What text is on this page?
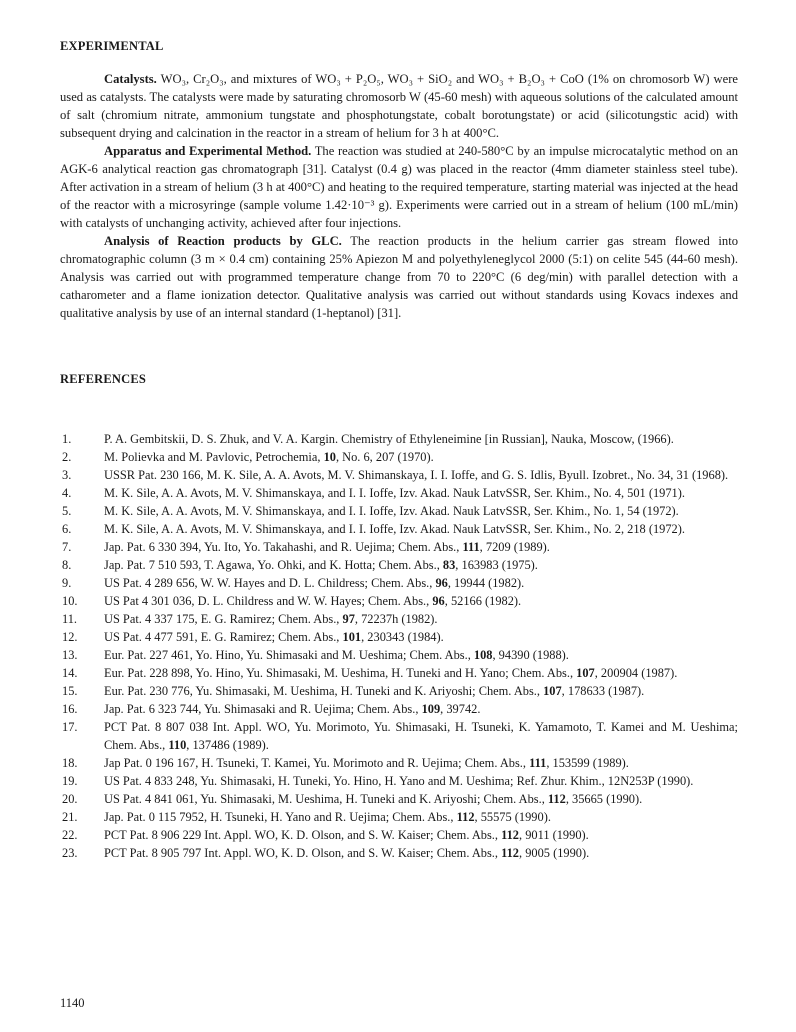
EXPERIMENTAL

Catalysts. WO₃, Cr₂O₃, and mixtures of WO₃ + P₂O₅, WO₃ + SiO₂ and WO₃ + B₂O₃ + CoO (1% on chromosorb W) were used as catalysts. The catalysts were made by saturating chromosorb W (45-60 mesh) with aqueous solutions of the calculated amount of salt (chromium nitrate, ammonium tungstate and phosphotungstate, cobalt borotungstate) or acid (silicotungstic acid) with subsequent drying and calcination in the reactor in a stream of helium for 3 h at 400°C.

Apparatus and Experimental Method. The reaction was studied at 240-580°C by an impulse microcatalytic method on an AGK-6 analytical reaction gas chromatograph [31]. Catalyst (0.4 g) was placed in the reactor (4mm diameter stainless steel tube). After activation in a stream of helium (3 h at 400°C) and heating to the required temperature, starting material was injected at the head of the reactor with a microsyringe (sample volume 1.42·10⁻³ g). Experiments were carried out in a stream of helium (100 mL/min) with catalysts of unchanging activity, achieved after four injections.

Analysis of Reaction products by GLC. The reaction products in the helium carrier gas stream flowed into chromatographic column (3 m × 0.4 cm) containing 25% Apiezon M and polyethyleneglycol 2000 (5:1) on celite 545 (44-60 mesh). Analysis was carried out with programmed temperature change from 70 to 220°C (6 deg/min) with parallel detection with a catharometer and a flame ionization detector. Qualitative analysis was carried out without standards using Kovacs indexes and qualitative analysis by use of an internal standard (1-heptanol) [31].

REFERENCES
1.	P. A. Gembitskii, D. S. Zhuk, and V. A. Kargin. Chemistry of Ethyleneimine [in Russian], Nauka, Moscow, (1966).
2.	M. Polievka and M. Pavlovic, Petrochemia, 10, No. 6, 207 (1970).
3.	USSR Pat. 230 166, M. K. Sile, A. A. Avots, M. V. Shimanskaya, I. I. Ioffe, and G. S. Idlis, Byull. Izobret., No. 34, 31 (1968).
4.	M. K. Sile, A. A. Avots, M. V. Shimanskaya, and I. I. Ioffe, Izv. Akad. Nauk LatvSSR, Ser. Khim., No. 4, 501 (1971).
5.	M. K. Sile, A. A. Avots, M. V. Shimanskaya, and I. I. Ioffe, Izv. Akad. Nauk LatvSSR, Ser. Khim., No. 1, 54 (1972).
6.	M. K. Sile, A. A. Avots, M. V. Shimanskaya, and I. I. Ioffe, Izv. Akad. Nauk LatvSSR, Ser. Khim., No. 2, 218 (1972).
7.	Jap. Pat. 6 330 394, Yu. Ito, Yo. Takahashi, and R. Uejima; Chem. Abs., 111, 7209 (1989).
8.	Jap. Pat. 7 510 593, T. Agawa, Yo. Ohki, and K. Hotta; Chem. Abs., 83, 163983 (1975).
9.	US Pat. 4 289 656, W. W. Hayes and D. L. Childress; Chem. Abs., 96, 19944 (1982).
10.	US Pat 4 301 036, D. L. Childress and W. W. Hayes; Chem. Abs., 96, 52166 (1982).
11.	US Pat. 4 337 175, E. G. Ramirez; Chem. Abs., 97, 72237h (1982).
12.	US Pat. 4 477 591, E. G. Ramirez; Chem. Abs., 101, 230343 (1984).
13.	Eur. Pat. 227 461, Yo. Hino, Yu. Shimasaki and M. Ueshima; Chem. Abs., 108, 94390 (1988).
14.	Eur. Pat. 228 898, Yo. Hino, Yu. Shimasaki, M. Ueshima, H. Tuneki and H. Yano; Chem. Abs., 107, 200904 (1987).
15.	Eur. Pat. 230 776, Yu. Shimasaki, M. Ueshima, H. Tuneki and K. Ariyoshi; Chem. Abs., 107, 178633 (1987).
16.	Jap. Pat. 6 323 744, Yu. Shimasaki and R. Uejima; Chem. Abs., 109, 39742.
17.	PCT Pat. 8 807 038 Int. Appl. WO, Yu. Morimoto, Yu. Shimasaki, H. Tsuneki, K. Yamamoto, T. Kamei and M. Ueshima; Chem. Abs., 110, 137486 (1989).
18.	Jap Pat. 0 196 167, H. Tsuneki, T. Kamei, Yu. Morimoto and R. Uejima; Chem. Abs., 111, 153599 (1989).
19.	US Pat. 4 833 248, Yu. Shimasaki, H. Tuneki, Yo. Hino, H. Yano and M. Ueshima; Ref. Zhur. Khim., 12N253P (1990).
20.	US Pat. 4 841 061, Yu. Shimasaki, M. Ueshima, H. Tuneki and K. Ariyoshi; Chem. Abs., 112, 35665 (1990).
21.	Jap. Pat. 0 115 7952, H. Tsuneki, H. Yano and R. Uejima; Chem. Abs., 112, 55575 (1990).
22.	PCT Pat. 8 906 229 Int. Appl. WO, K. D. Olson, and S. W. Kaiser; Chem. Abs., 112, 9011 (1990).
23.	PCT Pat. 8 905 797 Int. Appl. WO, K. D. Olson, and S. W. Kaiser; Chem. Abs., 112, 9005 (1990).
1140
